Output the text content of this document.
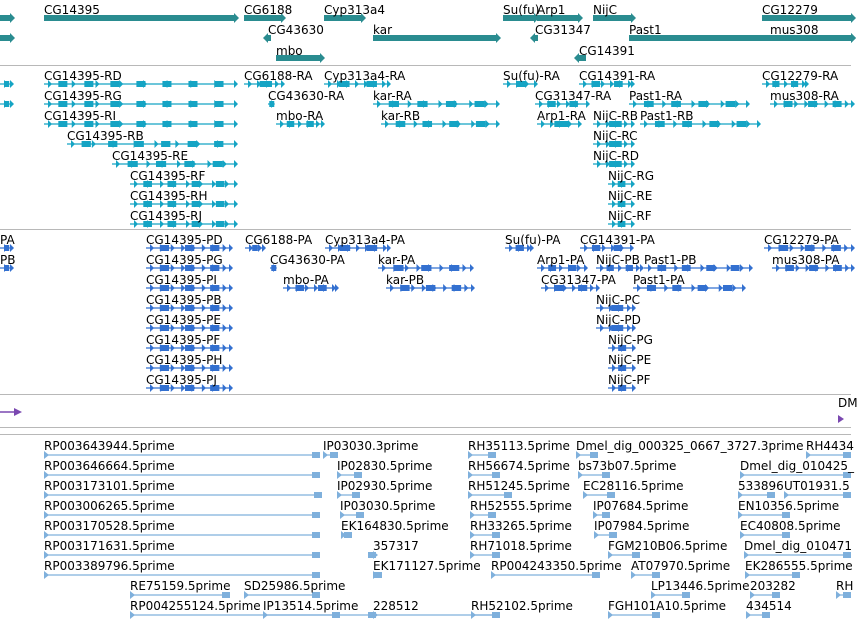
CG14395	CG6188	Cyp313a4
CG43630
mbo
kar
Su(fu)
Arp1 NijC
CG31347	Past1
CG14391
CG12279
mus308
CG14395-RD
CG14395-RG
CG14395-RI
CG14395-RB
CG14395-RE
CG14395-RF
CG14395-RH
CG14395-RJ
CG6188-RA Cyp313a4-RA
CG43630-RA
mbo-RA
kar-RA
kar-RB
Su(fu)-RA CG14391-RA
CG31347-RA
Arp1-RA NijC-RB
Past1-RA
Past1-RB
NijC-RC
NijC-RD
NijC-RG
NijC-RE
NijC-RF
CG12279-RA
mus308-RA
PA
PB
CG14395-PD
CG14395-PG
CG14395-PI
CG14395-PB
CG14395-PE
CG14395-PF
CG14395-PH
CG14395-PJ
CG6188-PA Cyp313a4-PA
CG43630-PA
mbo-PA
kar-PA
kar-PB
Su(fu)-PA CG14391-PA
Arp1-PA NijC-PB Past1-PB
CG31347-PA Past1-PA
NijC-PC
NijC-PD
NijC-PG
NijC-PE
NijC-PF
CG12279-PA
mus308-PA
DM
RP003643944.5prime
RP003646664.5prime
RP003173101.5prime
RP003006265.5prime
RP003170528.5prime
RP003171631.5prime
RP003389796.5prime
RE75159.5prime SD25986.5prime
RP004255124.5prime IP13514.5prime
IP03030.3prime
IP02830.5prime
IP02930.5prime
IP03030.5prime
EK164830.5prime
357317
EK171127.5prime
228512
RH35113.5prime
RH56674.5prime
RH51245.5prime
RH52555.5prime
RH33265.5prime
RH71018.5prime
RP004243350.5prime
RH52102.5prime
Dmel_dig_000325_0667_3727.3prime
bs73b07.5prime
EC28116.5prime
IP07684.5prime
IP07984.5prime
FGM210B06.5prime
AT07970.5prime
LP13446.5prime
FGH101A10.5prime
RH4434
Dmel_dig_010425_
533896 UT01931.5
EN10356.5prime
EC40808.5prime
Dmel_dig_010471
EK286555.5prime
203282
434514
RH
